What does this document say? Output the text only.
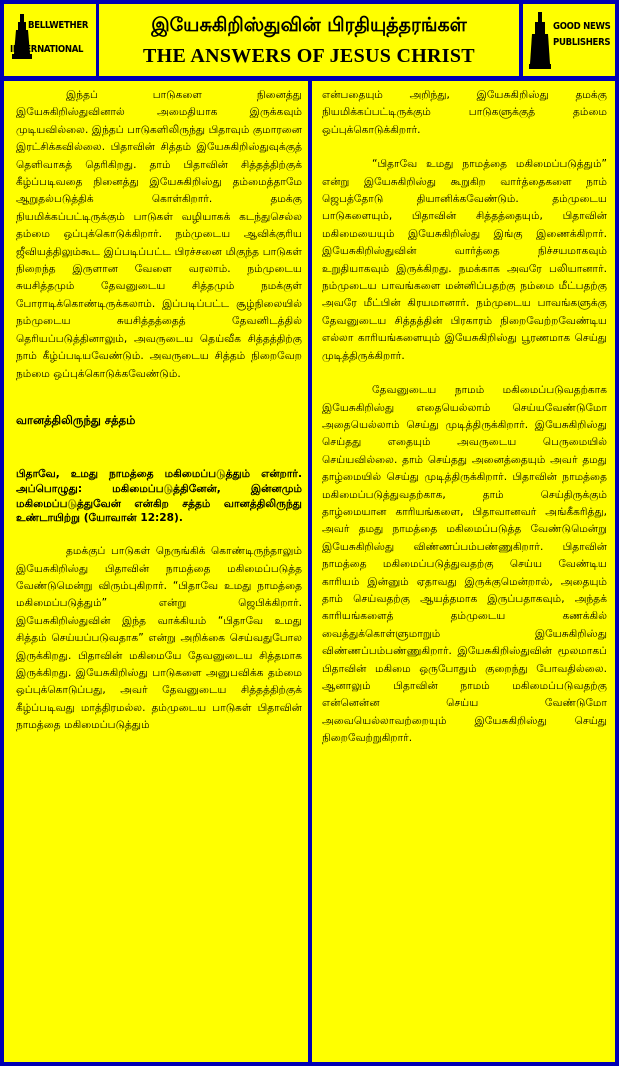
BELLWETHER
INTERNATIONAL
இயேசுகிறிஸ்துவின் பிரதியுத்தரங்கள்
THE ANSWERS OF JESUS CHRIST
GOOD NEWS
PUBLISHERS

இந்தப் பாடுகளை நினைத்து இயேசுகிறிஸ்துவினால் அமைதியாக இருக்கவும் முடியவில்லை. இந்தப் பாடுகளிலிருந்து பிதாவும் குமாரனை இரட்சிக்கவில்லை. பிதாவின் சித்தம் இயேசுகிறிஸ்துவுக்குத் தெளிவாகத் தெரிகிறது. தாம் பிதாவின் சித்தத்திற்குக் கீழ்ப்படிவதை நினைத்து இயேசுகிறிஸ்து தம்மைத்தாமே ஆறுதல்படுத்திக் கொள்கிறார். தமக்கு நியமிக்கப்பட்டிருக்கும் பாடுகள் வழியாகக் கடந்துசெல்ல தம்மை ஒப்புக்கொடுக்கிறார். நம்முடைய ஆவிக்குரிய ஜீவியத்திலும்கூட இப்படிப்பட்ட பிரச்சனை மிகுந்த பாடுகள் நிறைந்த இருளான வேளை வரலாம். நம்முடைய சுயசித்தமும் தேவனுடைய சித்தமும் நமக்குள் போராடிக்கொண்டிருக்கலாம். இப்படிப்பட்ட சூழ்நிலையில் நம்முடைய சுயசித்தத்தைத் தேவனிடத்தில் தெரியப்படுத்தினாலும், அவருடைய தெய்வீக சித்தத்திற்கு நாம் கீழ்ப்படியவேண்டும். அவருடைய சித்தம் நிறைவேற நம்மை ஒப்புக்கொடுக்கவேண்டும்.

வானத்திலிருந்து சத்தம்
பிதாவே, உமது நாமத்தை மகிமைப்படுத்தும் என்றார். அப்பொழுது: மகிமைப்படுத்தினேன், இன்னமும் மகிமைப்படுத்துவேன் என்கிற சத்தம் வானத்திலிருந்து உண்டாயிற்று (யோவான் 12:28).

தமக்குப் பாடுகள் நெருங்கிக் கொண்டிருந்தாலும் இயேசுகிறிஸ்து பிதாவின் நாமத்தை மகிமைப்படுத்த வேண்டுமென்று விரும்புகிறார். “பிதாவே உமது நாமத்தை மகிமைப்படுத்தும்” என்று ஜெபிக்கிறார். இயேசுகிறிஸ்துவின் இந்த வாக்கியம் “பிதாவே உமது சித்தம் செய்யப்படுவதாக” என்று அறிக்கை செய்வதுபோல இருக்கிறது. பிதாவின் மகிமையே தேவனுடைய சித்தமாக இருக்கிறது. இயேசுகிறிஸ்து பாடுகளை அனுபவிக்க தம்மை ஒப்புக்கொடுப்பது, அவர் தேவனுடைய சித்தத்திற்குக் கீழ்ப்படிவது மாத்திரமல்ல. தம்முடைய பாடுகள் பிதாவின் நாமத்தை மகிமைப்படுத்தும்

என்பதையும் அறிந்து, இயேசுகிறிஸ்து தமக்கு நியமிக்கப்பட்டிருக்கும் பாடுகளுக்குத் தம்மை ஒப்புக்கொடுக்கிறார்.

“பிதாவே உமது நாமத்தை மகிமைப்படுத்தும்” என்று இயேசுகிறிஸ்து கூறுகிற வார்த்தைகளை நாம் ஜெபத்தோடு தியானிக்கவேண்டும். தம்முடைய பாடுகளையும், பிதாவின் சித்தத்தையும், பிதாவின் மகிமையையும் இயேசுகிறிஸ்து இங்கு இணைக்கிறார். இயேசுகிறிஸ்துவின் வார்த்தை நிச்சயமாகவும் உறுதியாகவும் இருக்கிறது. நமக்காக அவரே பலியானார். நம்முடைய பாவங்களை மன்னிப்பதற்கு நம்மை மீட்பதற்கு அவரே மீட்பின் கிரயமானார். நம்முடைய பாவங்களுக்கு தேவனுடைய சித்தத்தின் பிரகாரம் நிறைவேற்றவேண்டிய எல்லா காரியங்களையும் இயேசுகிறிஸ்து பூரணமாக செய்து முடித்திருக்கிறார்.

தேவனுடைய நாமம் மகிமைப்படுவதற்காக இயேசுகிறிஸ்து எதையெல்லாம் செய்யவேண்டுமோ அதையெல்லாம் செய்து முடித்திருக்கிறார். இயேசுகிறிஸ்து செய்தது எதையும் அவருடைய பெருமையில் செய்யவில்லை. தாம் செய்தது அனைத்தையும் அவர் தமது தாழ்மையில் செய்து முடித்திருக்கிறார். பிதாவின் நாமத்தை மகிமைப்படுத்துவதற்காக, தாம் செய்திருக்கும் தாழ்மையான காரியங்களை, பிதாவானவர் அங்கீகரித்து, அவர் தமது நாமத்தை மகிமைப்படுத்த வேண்டுமென்று இயேசுகிறிஸ்து விண்ணப்பம்பண்ணுகிறார். பிதாவின் நாமத்தை மகிமைப்படுத்துவதற்கு செய்ய வேண்டிய காரியம் இன்னும் ஏதாவது இருக்குமென்றால், அதையும் தாம் செய்வதற்கு ஆயத்தமாக இருப்பதாகவும், அந்தக் காரியங்களைத் தம்முடைய கணக்கில் வைத்துக்கொள்ளுமாறும் இயேசுகிறிஸ்து விண்ணப்பம்பண்ணுகிறார். இயேசுகிறிஸ்துவின் மூலமாகப் பிதாவின் மகிமை ஒருபோதும் குறைந்து போவதில்லை. ஆனாலும் பிதாவின் நாமம் மகிமைப்படுவதற்கு என்னென்ன செய்ய வேண்டுமோ அவையெல்லாவற்றையும் இயேசுகிறிஸ்து செய்து நிறைவேற்றுகிறார்.
